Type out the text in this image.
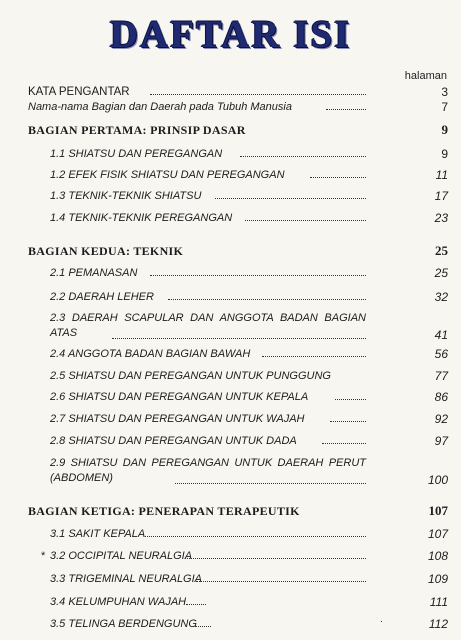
DAFTAR ISI
halaman
KATA PENGANTAR	3
Nama-nama Bagian dan Daerah pada Tubuh Manusia	7
BAGIAN PERTAMA: PRINSIP DASAR	9
1.1 SHIATSU DAN PEREGANGAN	9
1.2 EFEK FISIK SHIATSU DAN PEREGANGAN	11
1.3 TEKNIK-TEKNIK SHIATSU	17
1.4 TEKNIK-TEKNIK PEREGANGAN	23
BAGIAN KEDUA: TEKNIK	25
2.1 PEMANASAN	25
2.2 DAERAH LEHER	32
2.3 DAERAH SCAPULAR DAN ANGGOTA BADAN BAGIAN ATAS	41
2.4 ANGGOTA BADAN BAGIAN BAWAH	56
2.5 SHIATSU DAN PEREGANGAN UNTUK PUNGGUNG	77
2.6 SHIATSU DAN PEREGANGAN UNTUK KEPALA	86
2.7 SHIATSU DAN PEREGANGAN UNTUK WAJAH	92
2.8 SHIATSU DAN PEREGANGAN UNTUK DADA	97
2.9 SHIATSU DAN PEREGANGAN UNTUK DAERAH PERUT (ABDOMEN)	100
BAGIAN KETIGA: PENERAPAN TERAPEUTIK	107
3.1 SAKIT KEPALA	107
* 3.2 OCCIPITAL NEURALGIA	108
3.3 TRIGEMINAL NEURALGIA	109
3.4 KELUMPUHAN WAJAH	111
3.5 TELINGA BERDENGUNG	112
.
